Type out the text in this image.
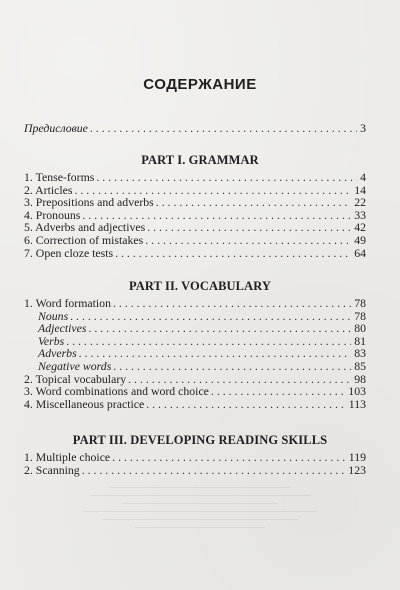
СОДЕРЖАНИЕ
Предисловие . . .	3
PART I. GRAMMAR
1. Tense-forms . . .	4
2. Articles . . .	14
3. Prepositions and adverbs . . .	22
4. Pronouns . . .	33
5. Adverbs and adjectives . . .	42
6. Correction of mistakes . . .	49
7. Open cloze tests . . .	64
PART II. VOCABULARY
1. Word formation . . .	78
Nouns . . .	78
Adjectives . . .	80
Verbs . . .	81
Adverbs . . .	83
Negative words . . .	85
2. Topical vocabulary . . .	98
3. Word combinations and word choice . . .	103
4. Miscellaneous practice . . .	113
PART III. DEVELOPING READING SKILLS
1. Multiple choice . . .	119
2. Scanning . . .	123
